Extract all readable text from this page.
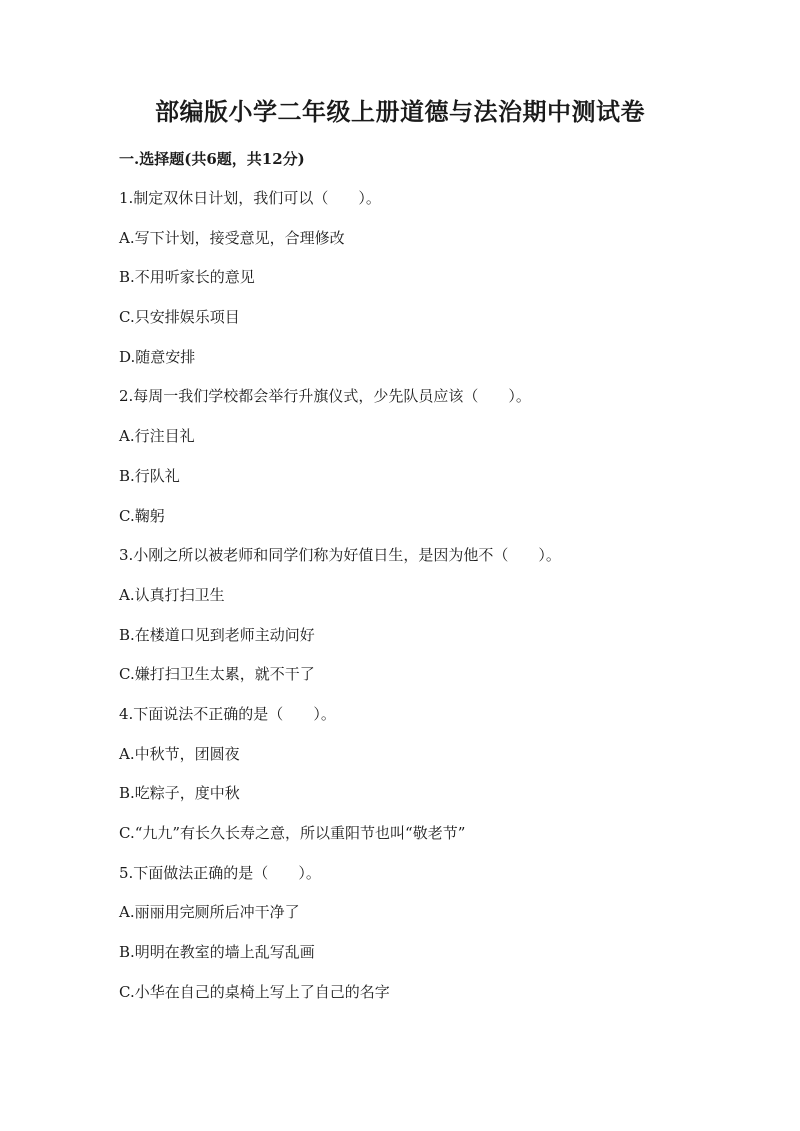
部编版小学二年级上册道德与法治期中测试卷
一.选择题(共6题，共12分)
1.制定双休日计划，我们可以（　　）。
A.写下计划，接受意见，合理修改
B.不用听家长的意见
C.只安排娱乐项目
D.随意安排
2.每周一我们学校都会举行升旗仪式，少先队员应该（　　）。
A.行注目礼
B.行队礼
C.鞠躬
3.小刚之所以被老师和同学们称为好值日生，是因为他不（　　）。
A.认真打扫卫生
B.在楼道口见到老师主动问好
C.嫌打扫卫生太累，就不干了
4.下面说法不正确的是（　　）。
A.中秋节，团圆夜
B.吃粽子，度中秋
C.“九九”有长久长寿之意，所以重阳节也叫“敬老节”
5.下面做法正确的是（　　）。
A.丽丽用完厕所后冲干净了
B.明明在教室的墙上乱写乱画
C.小华在自己的桌椅上写上了自己的名字
